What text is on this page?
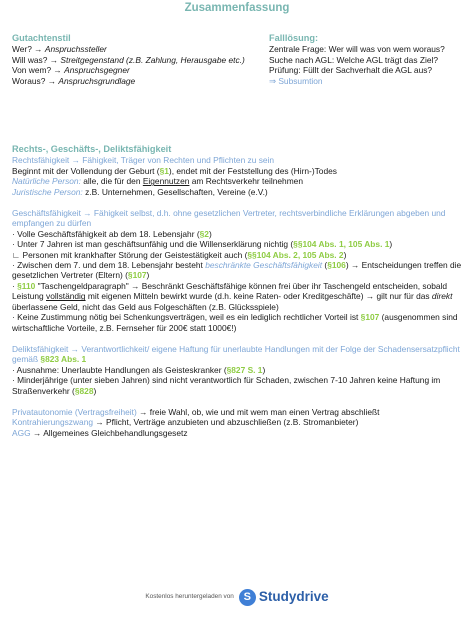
Zusammenfassung
Gutachtenstil
Wer? → Anspruchssteller
Will was? → Streitgegenstand (z.B. Zahlung, Herausgabe etc.)
Von wem? → Anspruchsgegner
Woraus? → Anspruchsgrundlage
Falllösung:
Zentrale Frage: Wer will was von wem woraus?
Suche nach AGL: Welche AGL trägt das Ziel?
Prüfung: Füllt der Sachverhalt die AGL aus?
⇒ Subsumtion
Rechts-, Geschäfts-, Deliktsfähigkeit
Rechtsfähigkeit → Fähigkeit, Träger von Rechten und Pflichten zu sein
Beginnt mit der Vollendung der Geburt (§1), endet mit der Feststellung des (Hirn-)Todes
Natürliche Person: alle, die für den Eigennutzen am Rechtsverkehr teilnehmen
Juristische Person: z.B. Unternehmen, Gesellschaften, Vereine (e.V.)
Geschäftsfähigkeit → Fähigkeit selbst, d.h. ohne gesetzlichen Vertreter, rechtsverbindliche Erklärungen abgeben und empfangen zu dürfen
· Volle Geschäftsfähigkeit ab dem 18. Lebensjahr (§2)
· Unter 7 Jahren ist man geschäftsunfähig und die Willenserklärung nichtig (§§104 Abs. 1, 105 Abs. 1)
∟ Personen mit krankhafter Störung der Geistestätigkeit auch (§§104 Abs. 2, 105 Abs. 2)
· Zwischen dem 7. und dem 18. Lebensjahr besteht beschränkte Geschäftsfähigkeit (§106) → Entscheidungen treffen die gesetzlichen Vertreter (Eltern) (§107)
· §110 "Taschengeldparagraph" → Beschränkt Geschäftsfähige können frei über ihr Taschengeld entscheiden, sobald Leistung vollständig mit eigenen Mitteln bewirkt wurde (d.h. keine Raten- oder Kreditgeschäfte) → gilt nur für das direkt überlassene Geld, nicht das Geld aus Folgeschäften (z.B. Glücksspiele)
· Keine Zustimmung nötig bei Schenkungsverträgen, weil es ein lediglich rechtlicher Vorteil ist §107 (ausgenommen sind wirtschaftliche Vorteile, z.B. Fernseher für 200€ statt 1000€!)
Deliktsfähigkeit → Verantwortlichkeit/ eigene Haftung für unerlaubte Handlungen mit der Folge der Schadensersatzpflicht gemäß §823 Abs. 1
· Ausnahme: Unerlaubte Handlungen als Geisteskranker (§827 S. 1)
· Minderjährige (unter sieben Jahren) sind nicht verantwortlich für Schaden, zwischen 7-10 Jahren keine Haftung im Straßenverkehr (§828)
Privatautonomie (Vertragsfreiheit) → freie Wahl, ob, wie und mit wem man einen Vertrag abschließt
Kontrahierungszwang → Pflicht, Verträge anzubieten und abzuschließen (z.B. Stromanbieter)
AGG → Allgemeines Gleichbehandlungsgesetz
Kostenlos heruntergeladen von S Studydrive
